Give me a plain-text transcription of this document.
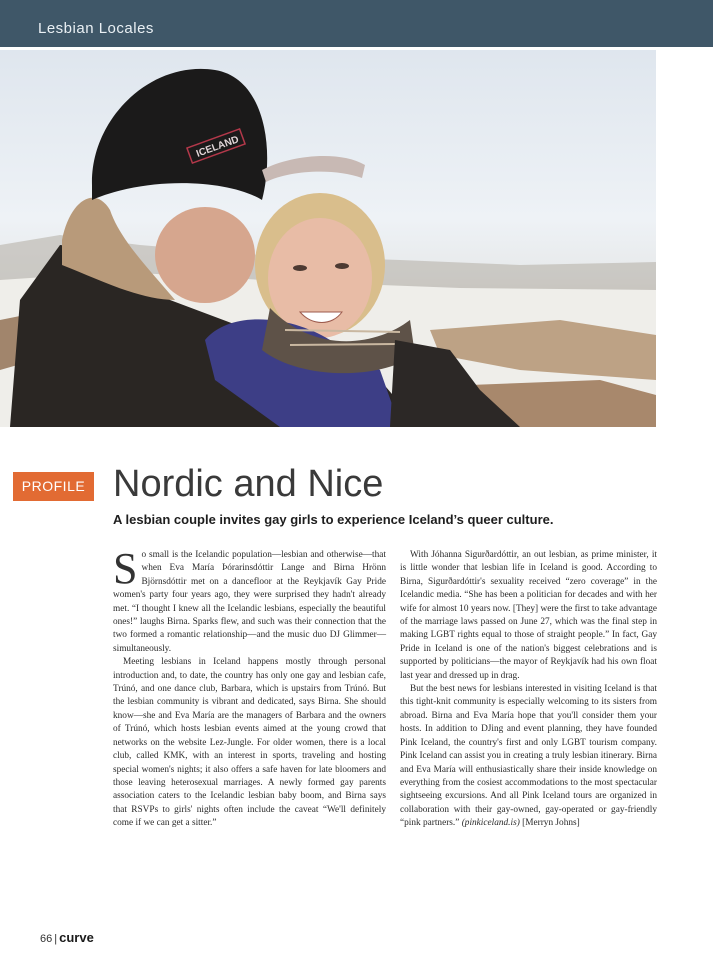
Lesbian Locales
ICELAND
Birna (left) and Eva Maria
PROFILE Nordic and Nice
A lesbian couple invites gay girls to experience Iceland’s queer culture.

So small is the Icelandic population—lesbian and otherwise—that when Eva María Þórarinsdóttir Lange and Birna Hrönn Björnsdóttir met on a dancefloor at the Reykjavík Gay Pride women's party four years ago, they were surprised they hadn't already met. “I thought I knew all the Icelandic lesbians, especially the beautiful ones!” laughs Birna. Sparks flew, and such was their connection that the two formed a romantic relationship—and the music duo DJ Glimmer—simultaneously.

Meeting lesbians in Iceland happens mostly through personal introduction and, to date, the country has only one gay and lesbian cafe, Trúnó, and one dance club, Barbara, which is upstairs from Trúnó. But the lesbian community is vibrant and dedicated, says Birna. She should know—she and Eva María are the managers of Barbara and the owners of Trúnó, which hosts lesbian events aimed at the young crowd that networks on the website Lez-Jungle. For older women, there is a local club, called KMK, with an interest in sports, traveling and hosting special women's nights; it also offers a safe haven for late bloomers and those leaving heterosexual marriages. A newly formed gay parents association caters to the Icelandic lesbian baby boom, and Birna says that RSVPs to girls' nights often include the caveat “We'll definitely come if we can get a sitter.”

With Jóhanna Sigurðardóttir, an out lesbian, as prime minister, it is little wonder that lesbian life in Iceland is good. According to Birna, Sigurðardóttir's sexuality received “zero coverage” in the Icelandic media. “She has been a politician for decades and with her wife for almost 10 years now. [They] were the first to take advantage of the marriage laws passed on June 27, which was the final step in making LGBT rights equal to those of straight people.” In fact, Gay Pride in Iceland is one of the nation's biggest celebrations and is supported by politicians—the mayor of Reykjavík had his own float last year and dressed up in drag.

But the best news for lesbians interested in visiting Iceland is that this tight-knit community is especially welcoming to its sisters from abroad. Birna and Eva María hope that you'll consider them your hosts. In addition to DJing and event planning, they have founded Pink Iceland, the country's first and only LGBT tourism company. Pink Iceland can assist you in creating a truly lesbian itinerary. Birna and Eva María will enthusiastically share their inside knowledge on everything from the cosiest accommodations to the most spectacular sightseeing excursions. And all Pink Iceland tours are organized in collaboration with their gay-owned, gay-operated or gay-friendly “pink partners.” (pinkiceland.is) [Merryn Johns]

66 | curve
